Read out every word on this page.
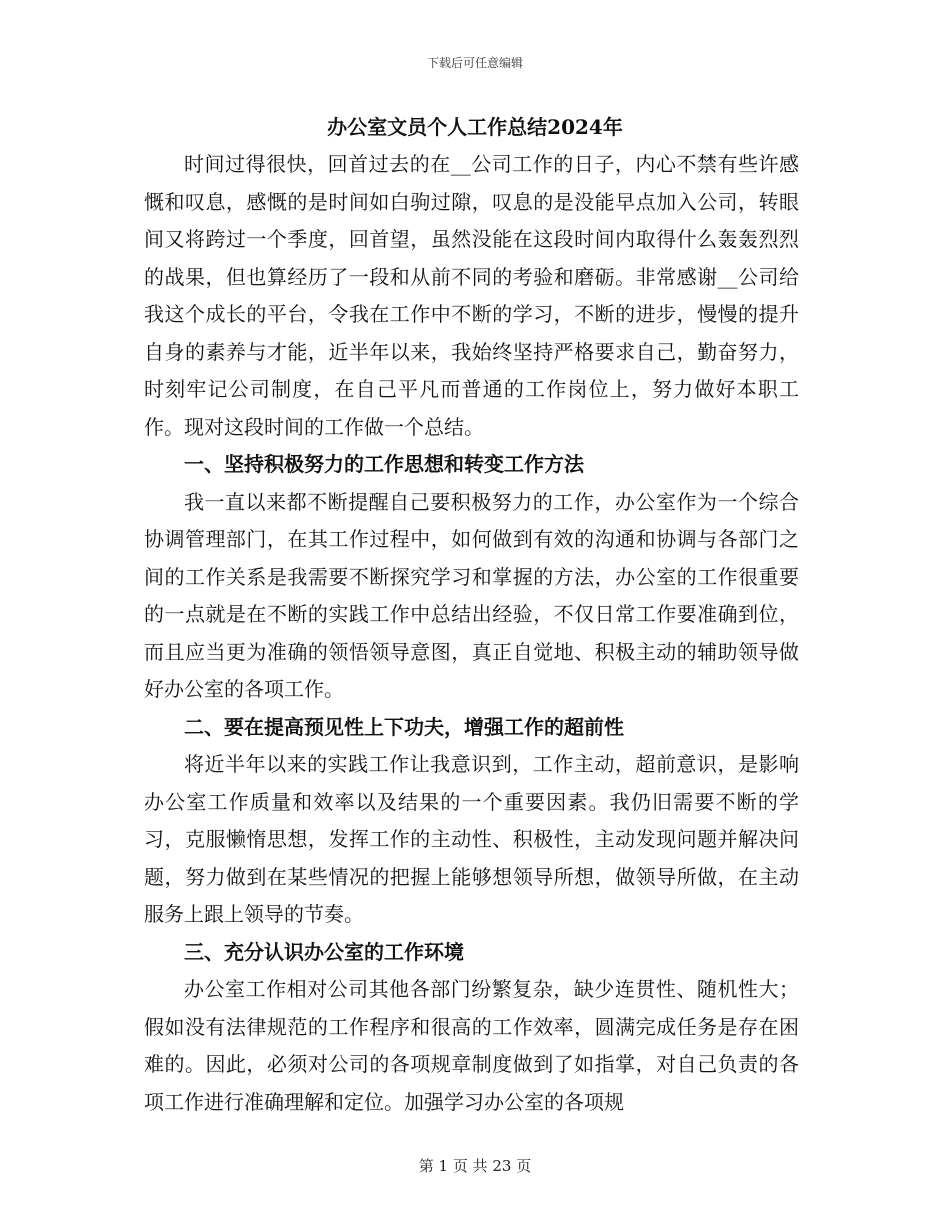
下载后可任意编辑
办公室文员个人工作总结2024年

时间过得很快，回首过去的在__公司工作的日子，内心不禁有些许感慨和叹息，感慨的是时间如白驹过隙，叹息的是没能早点加入公司，转眼间又将跨过一个季度，回首望，虽然没能在这段时间内取得什么轰轰烈烈的战果，但也算经历了一段和从前不同的考验和磨砺。非常感谢__公司给我这个成长的平台，令我在工作中不断的学习，不断的进步，慢慢的提升自身的素养与才能，近半年以来，我始终坚持严格要求自己，勤奋努力，时刻牢记公司制度，在自己平凡而普通的工作岗位上，努力做好本职工作。现对这段时间的工作做一个总结。

一、坚持积极努力的工作思想和转变工作方法

我一直以来都不断提醒自己要积极努力的工作，办公室作为一个综合协调管理部门，在其工作过程中，如何做到有效的沟通和协调与各部门之间的工作关系是我需要不断探究学习和掌握的方法，办公室的工作很重要的一点就是在不断的实践工作中总结出经验，不仅日常工作要准确到位，而且应当更为准确的领悟领导意图，真正自觉地、积极主动的辅助领导做好办公室的各项工作。

二、要在提高预见性上下功夫，增强工作的超前性

将近半年以来的实践工作让我意识到，工作主动，超前意识，是影响办公室工作质量和效率以及结果的一个重要因素。我仍旧需要不断的学习，克服懒惰思想，发挥工作的主动性、积极性，主动发现问题并解决问题，努力做到在某些情况的把握上能够想领导所想，做领导所做，在主动服务上跟上领导的节奏。

三、充分认识办公室的工作环境

办公室工作相对公司其他各部门纷繁复杂，缺少连贯性、随机性大；假如没有法律规范的工作程序和很高的工作效率，圆满完成任务是存在困难的。因此，必须对公司的各项规章制度做到了如指掌，对自己负责的各项工作进行准确理解和定位。加强学习办公室的各项规

第 1 页 共 23 页
